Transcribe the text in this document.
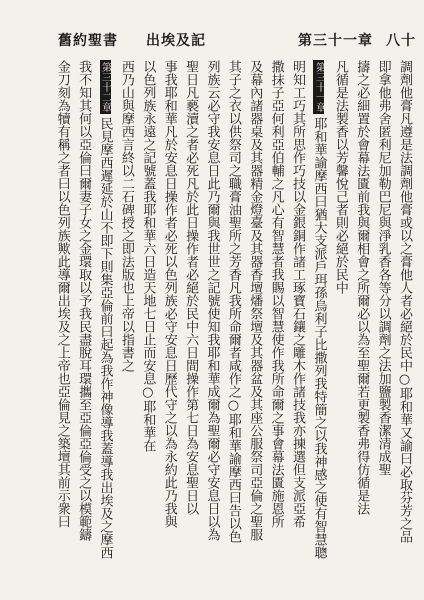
舊約聖書 出埃及記	第三十一章 八十
調劑他膏凡遵是法調劑他膏或以之膏他人者必絕於民中○耶和華又諭曰必取芬芳之品
即拿他弗舍匿利尼加勒巴尼與淨乳香各等分以調劑之法加鹽製香潔清成聖
擣之必細置於會幕法匱前我與爾相會之所爾必以為至聖爾若更製香弗得仿循是法
凡循是法製香以芳馨悅己者則必絕於民中
第三十一章耶和華諭摩西曰猶大支派戶珥孫烏利子比撒列我特簡之以我神感之使有智慧聰
明知工巧其所思作巧技以金銀銅作諸工琢寶石鑲之雕木作諸技我亦揀選但支派亞希
撒抹子亞何利亞伯輔之凡心有智慧者我賜以智慧使作我所命爾之事會幕法匱施恩所
及幕內諸器桌及其器精金燈臺及其器香壇燔祭壇及其器盆及其座公服祭司亞倫之聖服
其子之衣以供祭司之職膏油聖所之芳香凡我所命爾者咸作之○耶和華諭摩西曰告以色
列族云必守我安息日此乃爾與我世世之記號使知我耶和華成爾為聖爾必守安息日以為
聖日凡褻瀆之者必死凡於此日操作者必絕於民中六日間操作第七日為安息聖日以
事我耶和華凡於安息日操作者必死以色列族必守安息日歷代守之以為永約此乃我與
以色列族永遠之記號蓋我耶和華六日造天地七日止而安息○耶和華在
西乃山與摩西言終以二石碑授之即法版也上帝以指書之
第三十二章民見摩西遲延於山不即下則集亞倫前曰起為我作神像導我蓋導我出埃及之摩西
我不知其何以亞倫曰爾妻子女之金環取以予我民盡脫耳環攜至亞倫亞倫受之以模範鑄
金刀刻為犢有稱之者曰以色列族歟此導爾出埃及之上帝也亞倫見之築壇其前示衆曰
